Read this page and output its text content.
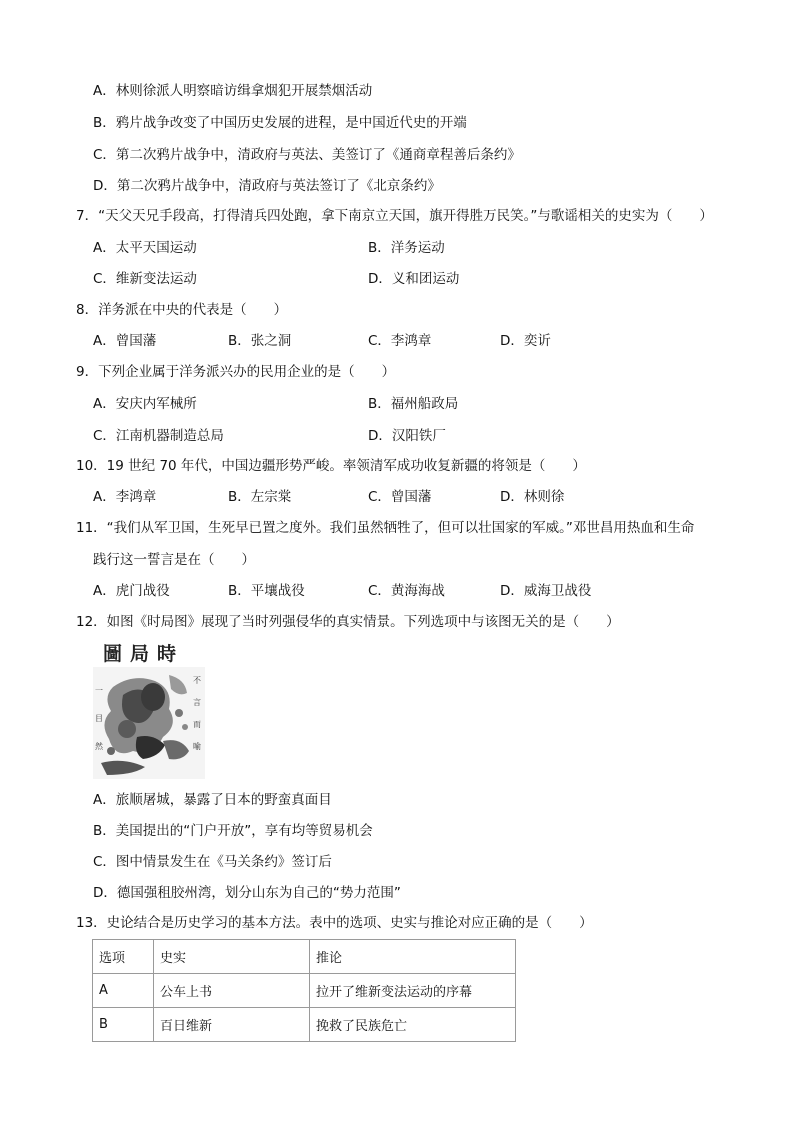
A．林则徐派人明察暗访缉拿烟犯开展禁烟活动
B．鸦片战争改变了中国历史发展的进程，是中国近代史的开端
C．第二次鸦片战争中，清政府与英法、美签订了《通商章程善后条约》
D．第二次鸦片战争中，清政府与英法签订了《北京条约》
7．“天父天兄手段高，打得清兵四处跑，拿下南京立天国，旗开得胜万民笑。”与歌谣相关的史实为（　　）
A．太平天国运动	B．洋务运动
C．维新变法运动	D．义和团运动
8．洋务派在中央的代表是（　　）
A．曾国藩	B．张之洞	C．李鸿章	D．奕䜣
9．下列企业属于洋务派兴办的民用企业的是（　　）
A．安庆内军械所	B．福州船政局
C．江南机器制造总局	D．汉阳铁厂
10．19 世纪 70 年代，中国边疆形势严峻。率领清军成功收复新疆的将领是（　　）
A．李鸿章	B．左宗棠	C．曾国藩	D．林则徐
11．“我们从军卫国，生死早已置之度外。我们虽然牺牲了，但可以壮国家的军威。”邓世昌用热血和生命
践行这一誓言是在（　　）
A．虎门战役	B．平壤战役	C．黄海海战	D．威海卫战役
12．如图《时局图》展现了当时列强侵华的真实情景。下列选项中与该图无关的是（　　）
圖局時
一
目
然
不
言
而
喻
A．旅顺屠城，暴露了日本的野蛮真面目
B．美国提出的“门户开放”，享有均等贸易机会
C．图中情景发生在《马关条约》签订后
D．德国强租胶州湾，划分山东为自己的“势力范围”
13．史论结合是历史学习的基本方法。表中的选项、史实与推论对应正确的是（　　）
选项	史实	推论
A	公车上书	拉开了维新变法运动的序幕
B	百日维新	挽救了民族危亡
